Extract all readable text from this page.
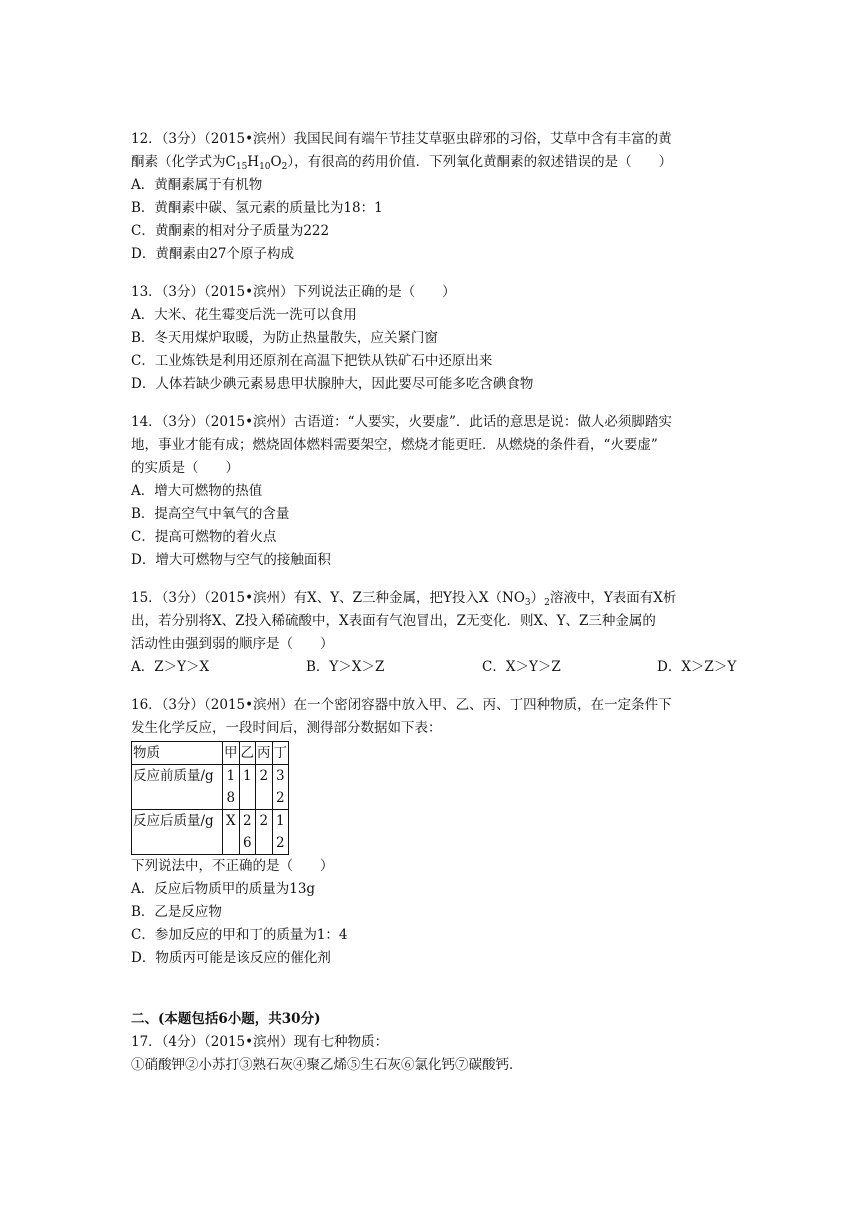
12．（3分）（2015•滨州）我国民间有端午节挂艾草驱虫辟邪的习俗，艾草中含有丰富的黄
酮素（化学式为$C_{15}H_{10}O_2$），有很高的药用价值．下列氧化黄酮素的叙述错误的是（　　）
A．黄酮素属于有机物
B．黄酮素中碳、氢元素的质量比为18：1
C．黄酮素的相对分子质量为222
D．黄酮素由27个原子构成
13．（3分）（2015•滨州）下列说法正确的是（　　）
A．大米、花生霉变后洗一洗可以食用
B．冬天用煤炉取暖，为防止热量散失，应关紧门窗
C．工业炼铁是利用还原剂在高温下把铁从铁矿石中还原出来
D．人体若缺少碘元素易患甲状腺肿大，因此要尽可能多吃含碘食物
14．（3分）（2015•滨州）古语道：“人要实，火要虚”．此话的意思是说：做人必须脚踏实
地，事业才能有成；燃烧固体燃料需要架空，燃烧才能更旺．从燃烧的条件看，“火要虚”
的实质是（　　）
A．增大可燃物的热值
B．提高空气中氧气的含量
C．提高可燃物的着火点
D．增大可燃物与空气的接触面积
15．（3分）（2015•滨州）有X、Y、Z三种金属，把Y投入$X(NO_3)_2$溶液中，Y表面有X析
出，若分别将X、Z投入稀硫酸中，X表面有气泡冒出，Z无变化．则X、Y、Z三种金属的
活动性由强到弱的顺序是（　　）
A．Z＞Y＞X	B．Y＞X＞Z	C．X＞Y＞Z	D．X＞Z＞Y
16．（3分）（2015•滨州）在一个密闭容器中放入甲、乙、丙、丁四种物质，在一定条件下
发生化学反应，一段时间后，测得部分数据如下表：
物质	甲	乙	丙	丁
反应前质量/g	18	1	2	32
反应后质量/g	X	26	2	12
下列说法中，不正确的是（　　）
A．反应后物质甲的质量为13g
B．乙是反应物
C．参加反应的甲和丁的质量为1：4
D．物质丙可能是该反应的催化剂
二、(本题包括6小题，共30分)
17．（4分）（2015•滨州）现有七种物质：
①硝酸钾②小苏打③熟石灰④聚乙烯⑤生石灰⑥氯化钙⑦碳酸钙．
